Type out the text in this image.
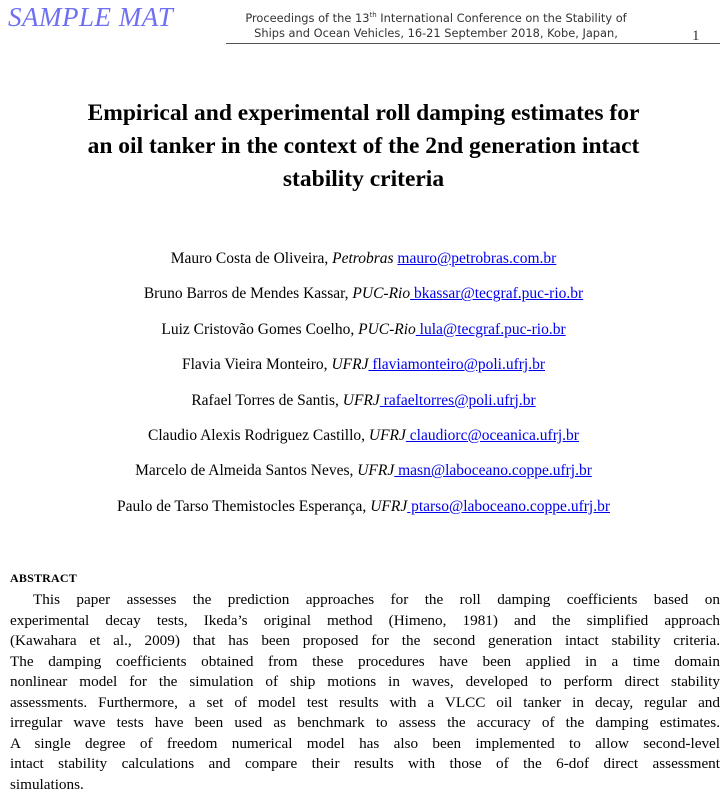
SAMPLE MAT	Proceedings of the 13th International Conference on the Stability of
Ships and Ocean Vehicles, 16-21 September 2018, Kobe, Japan,	1
Empirical and experimental roll damping estimates for
an oil tanker in the context of the 2nd generation intact
stability criteria
Mauro Costa de Oliveira, Petrobras mauro@petrobras.com.br
Bruno Barros de Mendes Kassar, PUC-Rio bkassar@tecgraf.puc-rio.br
Luiz Cristovão Gomes Coelho, PUC-Rio lula@tecgraf.puc-rio.br
Flavia Vieira Monteiro, UFRJ flaviamonteiro@poli.ufrj.br
Rafael Torres de Santis, UFRJ rafaeltorres@poli.ufrj.br
Claudio Alexis Rodriguez Castillo, UFRJ claudiorc@oceanica.ufrj.br
Marcelo de Almeida Santos Neves, UFRJ masn@laboceano.coppe.ufrj.br
Paulo de Tarso Themistocles Esperança, UFRJ ptarso@laboceano.coppe.ufrj.br
ABSTRACT
This paper assesses the prediction approaches for the roll damping coefficients based on
experimental decay tests, Ikeda’s original method (Himeno, 1981) and the simplified approach
(Kawahara et al., 2009) that has been proposed for the second generation intact stability criteria.
The damping coefficients obtained from these procedures have been applied in a time domain
nonlinear model for the simulation of ship motions in waves, developed to perform direct stability
assessments. Furthermore, a set of model test results with a VLCC oil tanker in decay, regular and
irregular wave tests have been used as benchmark to assess the accuracy of the damping estimates.
A single degree of freedom numerical model has also been implemented to allow second-level
intact stability calculations and compare their results with those of the 6-dof direct assessment
simulations.
